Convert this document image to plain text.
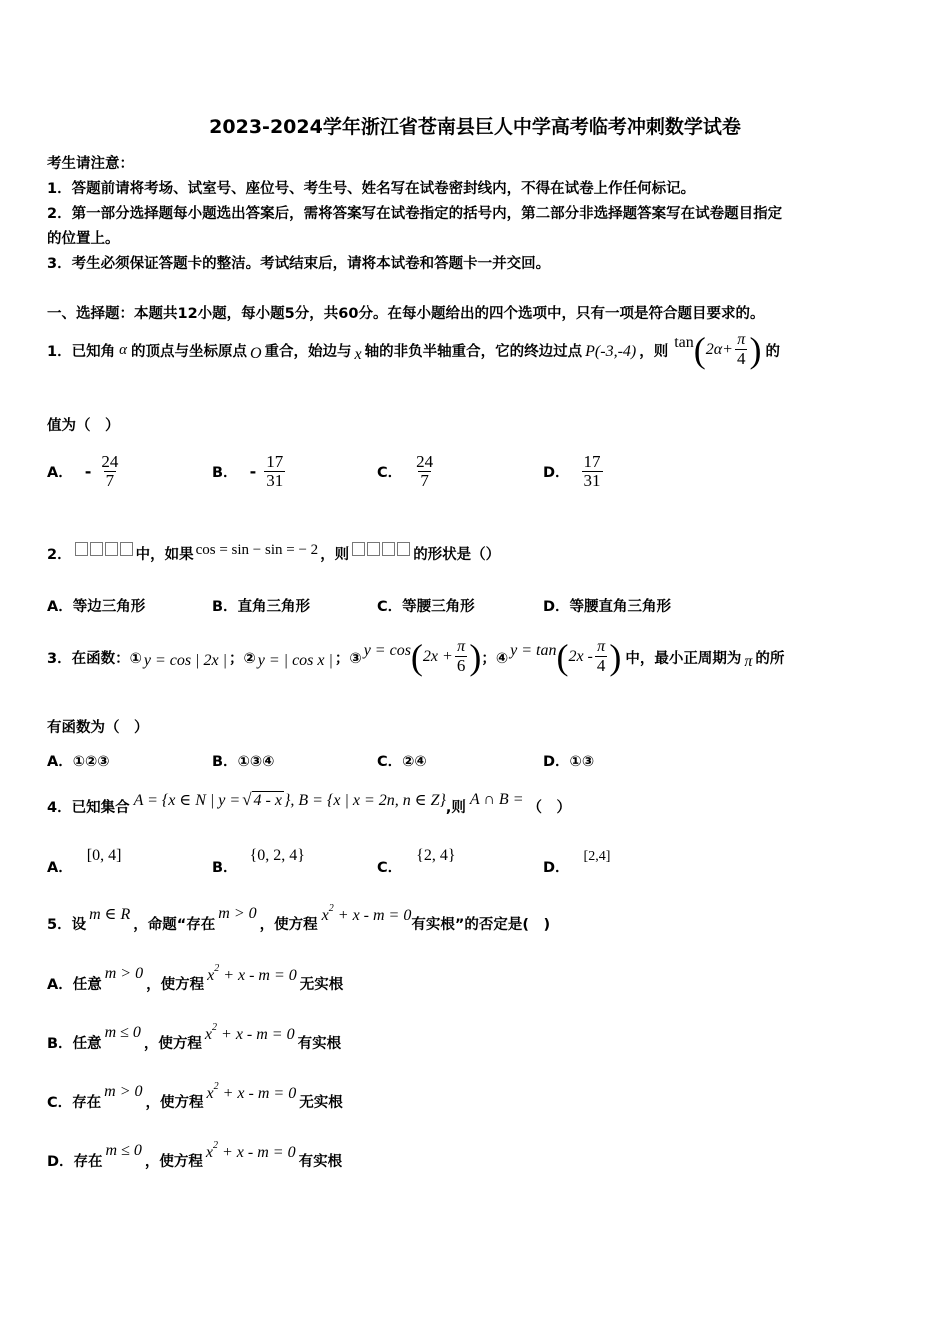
2023-2024学年浙江省苍南县巨人中学高考临考冲刺数学试卷
考生请注意：
1．答题前请将考场、试室号、座位号、考生号、姓名写在试卷密封线内，不得在试卷上作任何标记。
2．第一部分选择题每小题选出答案后，需将答案写在试卷指定的括号内，第二部分非选择题答案写在试卷题目指定
的位置上。
3．考生必须保证答题卡的整洁。考试结束后，请将本试卷和答题卡一并交回。
一、选择题：本题共12小题，每小题5分，共60分。在每小题给出的四个选项中，只有一项是符合题目要求的。
1．已知角 α 的顶点与坐标原点 O 重合，始边与 x 轴的非负半轴重合，它的终边过点 P(-3,-4) ，则
tan ( $2\alpha+ \frac{\pi}{4}$ ) 的
值为（　）
A． - $\frac{24}{7}$	B． - $\frac{17}{31}$	C． $\frac{24}{7}$	D． $\frac{17}{31}$
2．	中，如果 cos = sin − sin = − 2 ，则	的形状是（）
A．等边三角形	B．直角三角形	C．等腰三角形	D．等腰直角三角形
3．在函数：① y = cos | 2x | ；② y = | cos x | ；③ y = cos ( $2x + \frac{\pi}{6}$ ) ；④ y = tan ( $2x - \frac{\pi}{4}$ ) 中，最小正周期为 π 的所
有函数为（　）
A．①②③	B．①③④	C．②④	D．①③
4．已知集合 A = {x ∈ N | y = √ 4 - x }, B = {x | x = 2n, n ∈ Z} ,则 A ∩ B = （　）
A．[0, 4]
B．{0, 2, 4}
C．{2, 4}
D．[2,4]
5．设
m ∈ R
，命题“存在
m > 0
，使方程
$x^2 + x - m = 0$
有实根”的否定是(　)
A． 任意
m > 0
，使方程
$x^2 + x - m = 0$
无实根
B． 任意
m ≤ 0
，使方程
$x^2 + x - m = 0$
有实根
C． 存在
m > 0
，使方程
$x^2 + x - m = 0$
无实根
D． 存在
m ≤ 0
，使方程
$x^2 + x - m = 0$
有实根
